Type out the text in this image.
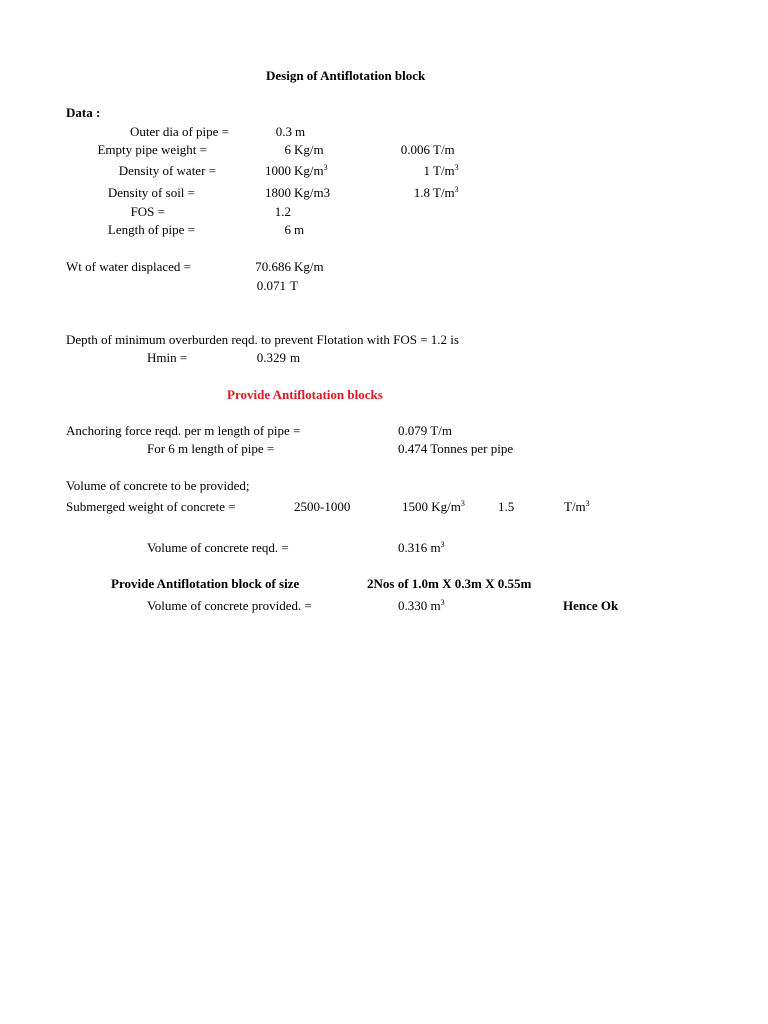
Design of Antiflotation block
Data :
Outer dia of pipe =	0.3 m
Empty pipe weight =	6 Kg/m	0.006 T/m
Density of water =	1000 $Kg/m^3$	1 $T/m^3$
Density of soil =	1800 Kg/m3	1.8 $T/m^3$
FOS =	1.2
Length of pipe =	6 m
Wt of water displaced =	70.686 Kg/m
0.071 T
Depth of minimum overburden reqd. to prevent Flotation with FOS = 1.2 is
Hmin =	0.329 m
Provide Antiflotation blocks
Anchoring force reqd. per m length of pipe =	0.079 T/m
For 6 m length of pipe =	0.474 Tonnes per pipe
Volume of concrete to be provided;
Submerged weight of concrete =	2500-1000	1500 $Kg/m^3$	1.5	$T/m^3$
Volume of concrete reqd. =	0.316 $m^3$
Provide Antiflotation block of size	2Nos of 1.0m X 0.3m X 0.55m
Volume of concrete provided. =	0.330 $m^3$	Hence Ok
